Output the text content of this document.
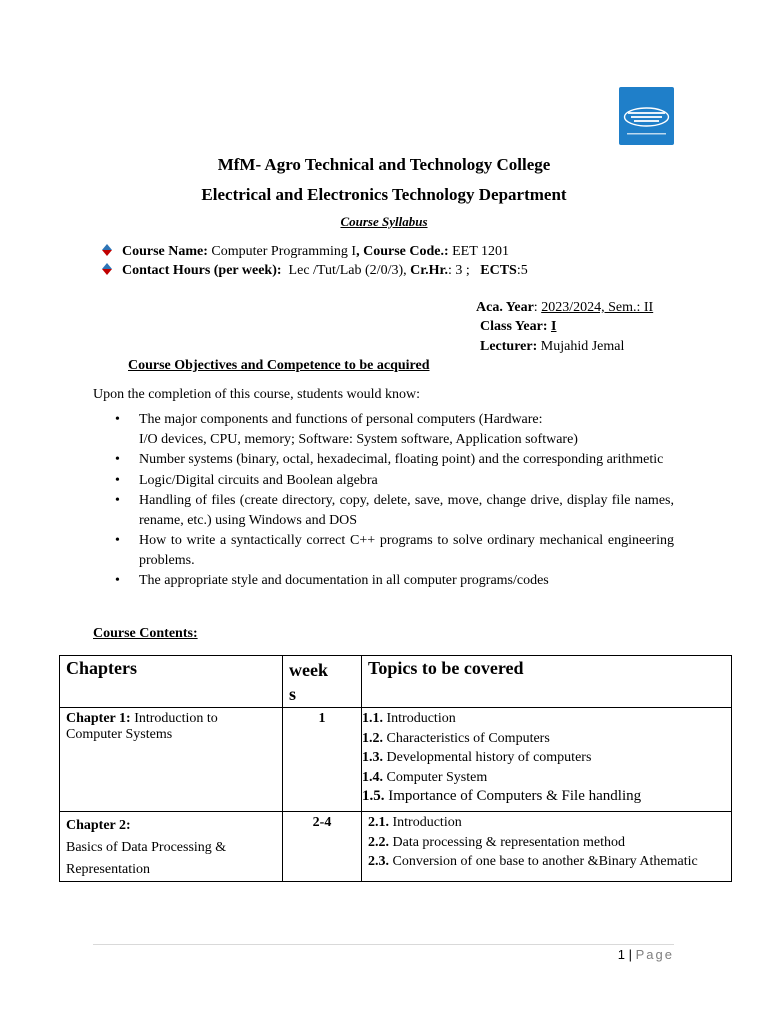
MfM- Agro Technical and Technology College
Electrical and Electronics Technology Department
Course Syllabus
Course Name: Computer Programming I, Course Code.: EET 1201
Contact Hours (per week): Lec /Tut/Lab (2/0/3), Cr.Hr.: 3 ; ECTS:5
Aca. Year: 2023/2024, Sem.: II
Class Year: I
Lecturer: Mujahid Jemal
Course Objectives and Competence to be acquired
Upon the completion of this course, students would know:
• The major components and functions of personal computers (Hardware:
I/O devices, CPU, memory; Software: System software, Application software)
• Number systems (binary, octal, hexadecimal, floating point) and the corresponding arithmetic
• Logic/Digital circuits and Boolean algebra
• Handling of files (create directory, copy, delete, save, move, change drive, display file names, rename, etc.) using Windows and DOS
• How to write a syntactically correct C++ programs to solve ordinary mechanical engineering problems.
• The appropriate style and documentation in all computer programs/codes
Course Contents:
Chapters	week
s	Topics to be covered
Chapter 1: Introduction to Computer Systems	1	1.1. Introduction
1.2. Characteristics of Computers
1.3. Developmental history of computers
1.4. Computer System
1.5. Importance of Computers & File handling

Chapter 2:
Basics of Data Processing &
Representation	2-4	2.1. Introduction
2.2. Data processing & representation method
2.3. Conversion of one base to another &Binary Athematic
1 | Page
